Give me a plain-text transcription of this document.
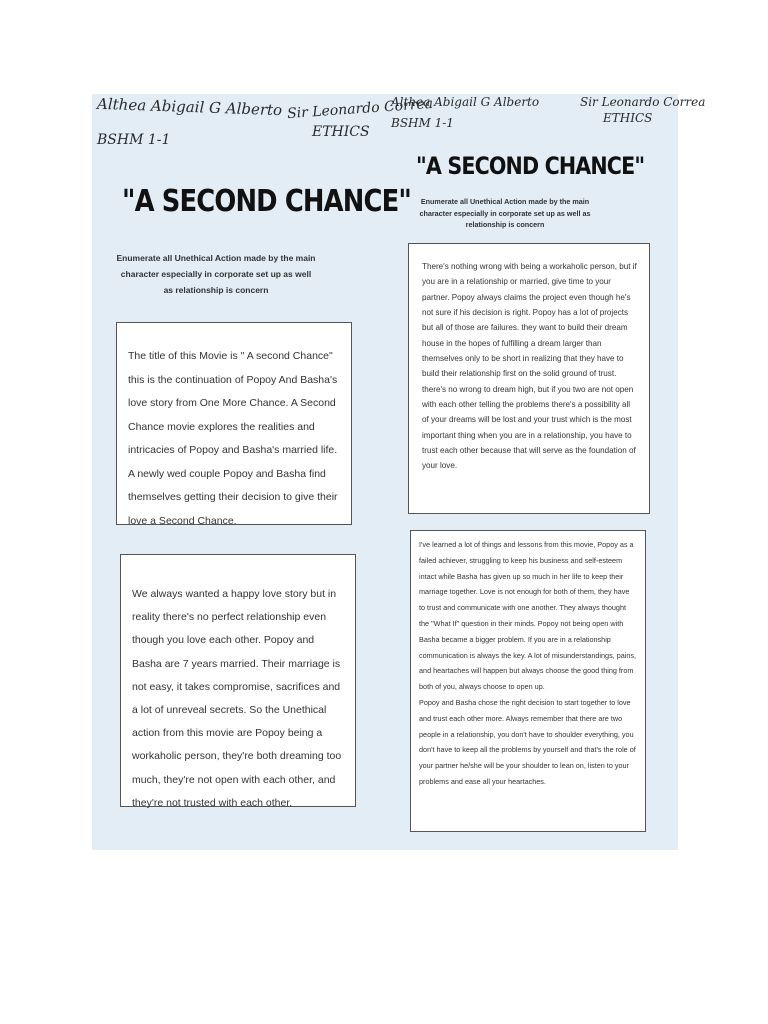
Althea Abigail G Alberto
BSHM 1-1
Sir Leonardo Correa
ETHICS
Althea Abigail G Alberto
BSHM 1-1
Sir Leonardo Correa
ETHICS
"A SECOND CHANCE"
"A SECOND CHANCE"
Enumerate all Unethical Action made by the main character especially in corporate set up as well as relationship is concern
Enumerate all Unethical Action made by the main character especially in corporate set up as well as relationship is concern

The title of this Movie is " A second Chance" this is the continuation of Popoy And Basha's love story from One More Chance. A Second Chance movie explores the realities and intricacies of Popoy and Basha's married life. A newly wed couple Popoy and Basha find themselves getting their decision to give their love a Second Chance.

We always wanted a happy love story but in reality there's no perfect relationship even though you love each other. Popoy and Basha are 7 years married. Their marriage is not easy, it takes compromise, sacrifices and a lot of unreveal secrets. So the Unethical action from this movie are Popoy being a workaholic person, they're both dreaming too much, they're not open with each other, and they're not trusted with each other.

There's nothing wrong with being a workaholic person, but if you are in a relationship or married, give time to your partner. Popoy always claims the project even though he's not sure if his decision is right. Popoy has a lot of projects but all of those are failures. they want to build their dream house in the hopes of fulfilling a dream larger than themselves only to be short in realizing that they have to build their relationship first on the solid ground of trust. there's no wrong to dream high, but if you two are not open with each other telling the problems there's a possibility all of your dreams will be lost and your trust which is the most important thing when you are in a relationship, you have to trust each other because that will serve as the foundation of your love.

I've learned a lot of things and lessons from this movie, Popoy as a failed achiever, struggling to keep his business and self-esteem intact while Basha has given up so much in her life to keep their marriage together. Love is not enough for both of them, they have to trust and communicate with one another. They always thought the "What If" question in their minds. Popoy not being open with Basha became a bigger problem. If you are in a relationship communication is always the key. A lot of misunderstandings, pains, and heartaches will happen but always choose the good thing from both of you, always choose to open up.

Popoy and Basha chose the right decision to start together to love and trust each other more. Always remember that there are two people in a relationship, you don't have to shoulder everything, you don't have to keep all the problems by yourself and that's the role of your partner he/she will be your shoulder to lean on, listen to your problems and ease all your heartaches.
